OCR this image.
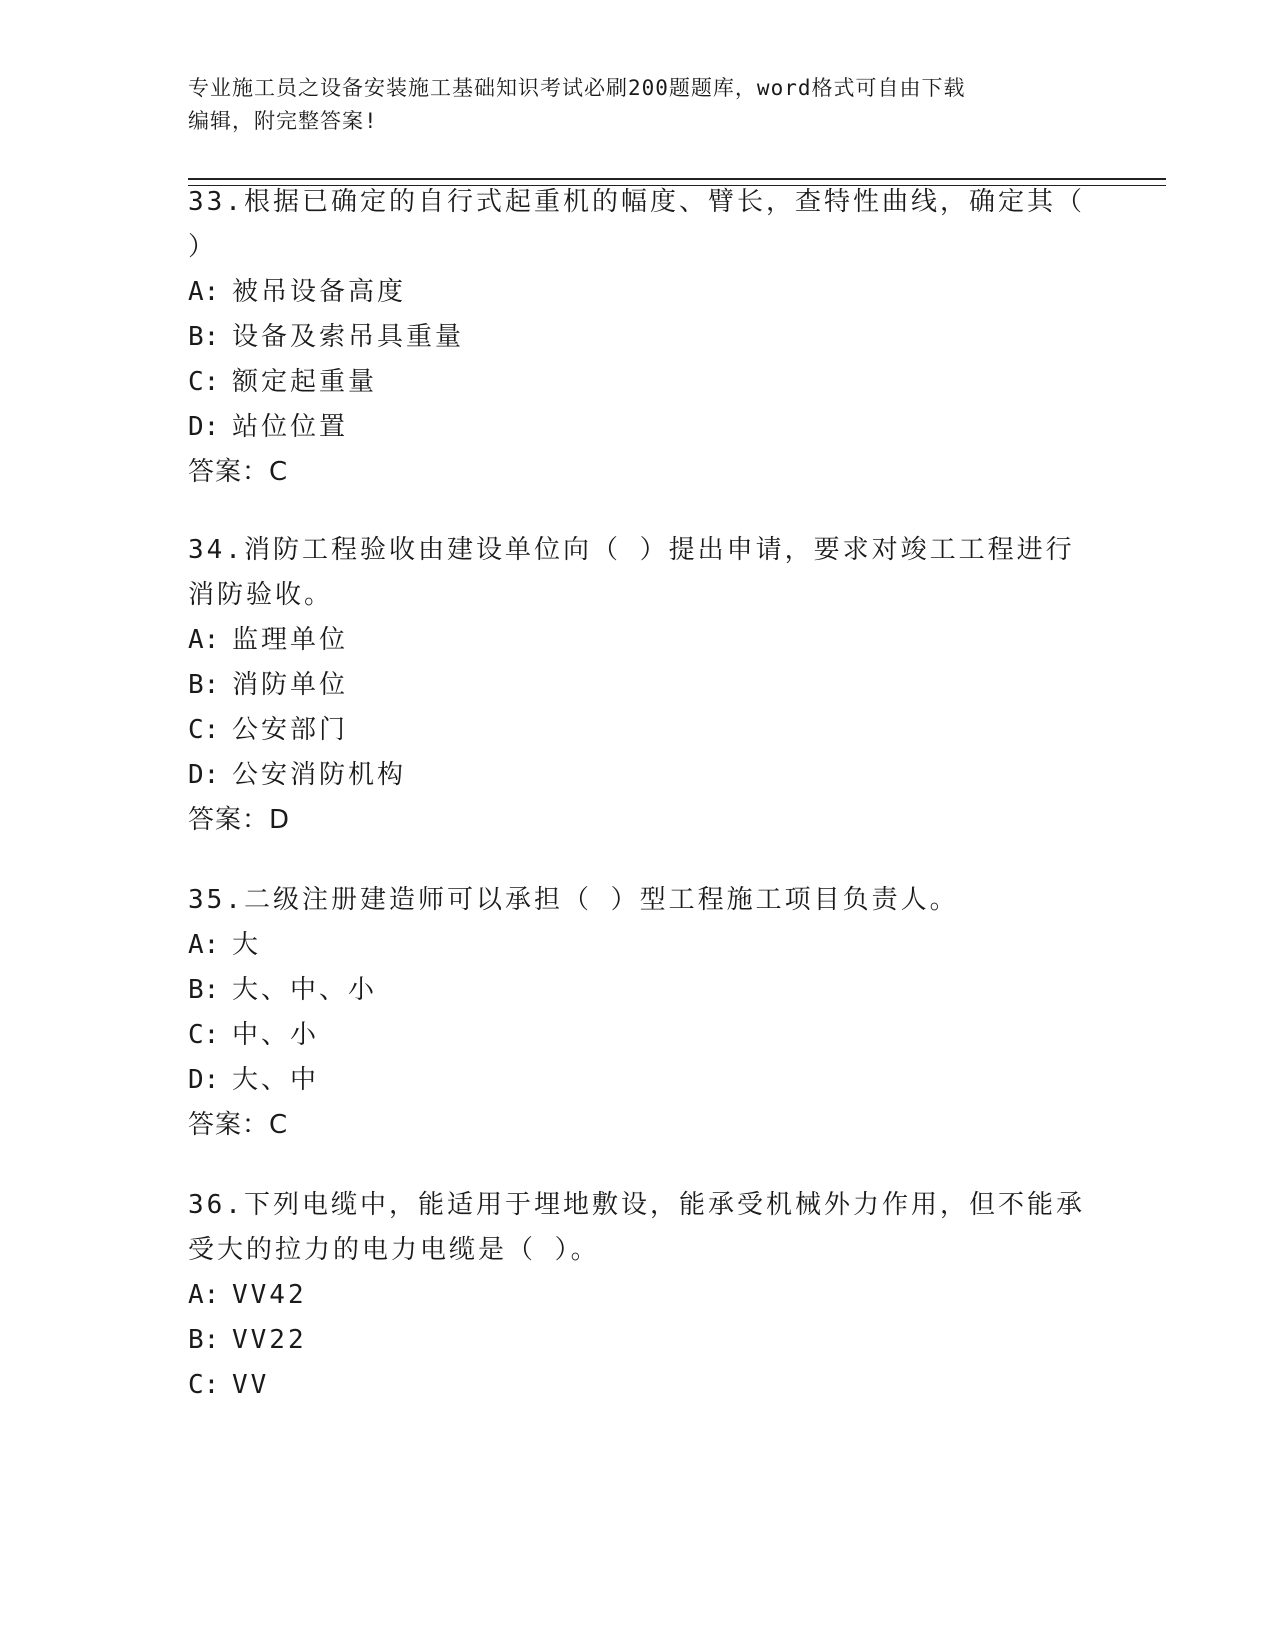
专业施工员之设备安装施工基础知识考试必刷200题题库，word格式可自由下载
编辑，附完整答案!

33.根据已确定的自行式起重机的幅度、臂长，查特性曲线，确定其（

）

A: 被吊设备高度

B: 设备及索吊具重量

C: 额定起重量

D: 站位位置

答案：C

34.消防工程验收由建设单位向（ ）提出申请，要求对竣工工程进行

消防验收。

A: 监理单位

B: 消防单位

C: 公安部门

D: 公安消防机构

答案：D

35.二级注册建造师可以承担（ ）型工程施工项目负责人。

A: 大

B: 大、中、小

C: 中、小

D: 大、中

答案：C

36.下列电缆中，能适用于埋地敷设，能承受机械外力作用，但不能承

受大的拉力的电力电缆是（ ）。

A: VV42

B: VV22

C: VV
